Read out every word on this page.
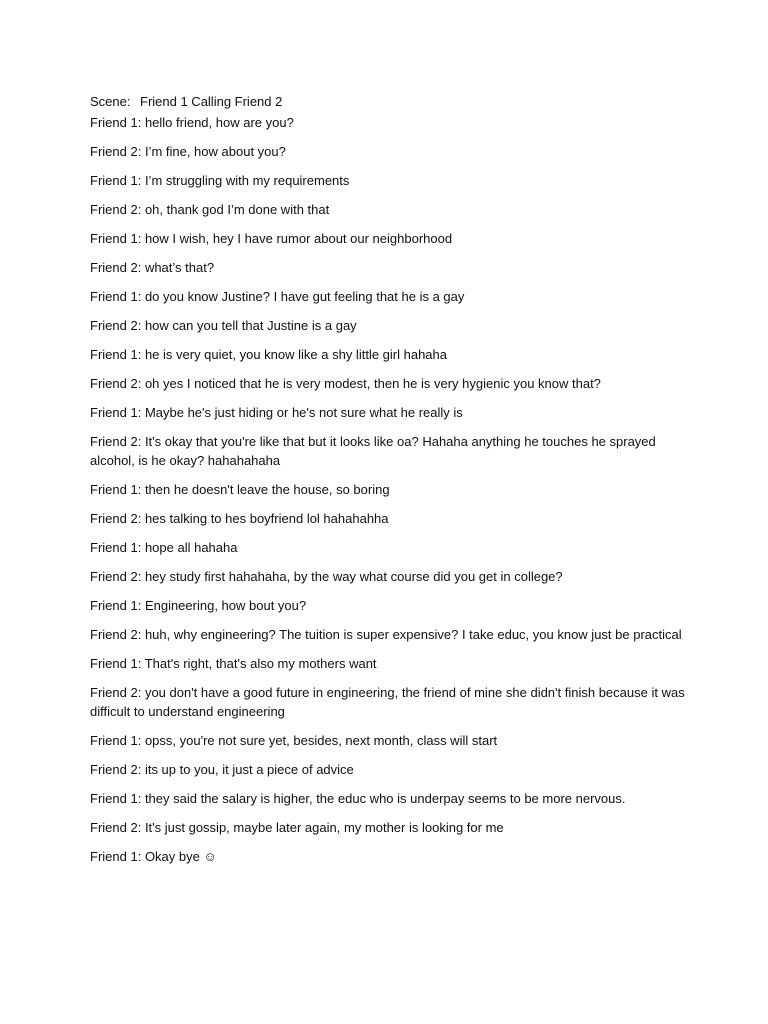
Scene: Friend 1 Calling Friend 2
Friend 1 : hello friend, how are you?
Friend 2 : I’m fine, how about you?
Friend 1 : I’m struggling with my requirements
Friend 2 : oh, thank god I’m done with that
Friend 1 : how I wish, hey I have rumor about our neighborhood
Friend 2 : what’s that?
Friend 1 : do you know Justine? I have gut feeling that he is a gay
Friend 2 : how can you tell that Justine is a gay
Friend 1 : he is very quiet, you know like a shy little girl hahaha
Friend 2 : oh yes I noticed that he is very modest, then he is very hygienic you know that?
Friend 1 : Maybe he's just hiding or he's not sure what he really is
Friend 2 : It's okay that you're like that but it looks like oa? Hahaha anything he touches he sprayed alcohol, is he okay? hahahahaha
Friend 1 : then he doesn't leave the house, so boring
Friend 2 : hes talking to hes boyfriend lol hahahahha
Friend 1 : hope all hahaha
Friend 2 : hey study first hahahaha, by the way what course did you get in college?
Friend 1 : Engineering, how bout you?
Friend 2 : huh, why engineering? The tuition is super expensive? I take educ, you know just be practical
Friend 1 : That's right, that's also my mothers want
Friend 2 : you don't have a good future in engineering, the friend of mine she didn't finish because it was difficult to understand engineering
Friend 1 : opss, you're not sure yet, besides, next month, class will start
Friend 2 : its up to you, it just a piece of advice
Friend 1 : they said the salary is higher, the educ who is underpay seems to be more nervous.
Friend 2 : It's just gossip, maybe later again, my mother is looking for me
Friend 1 : Okay bye ☺
